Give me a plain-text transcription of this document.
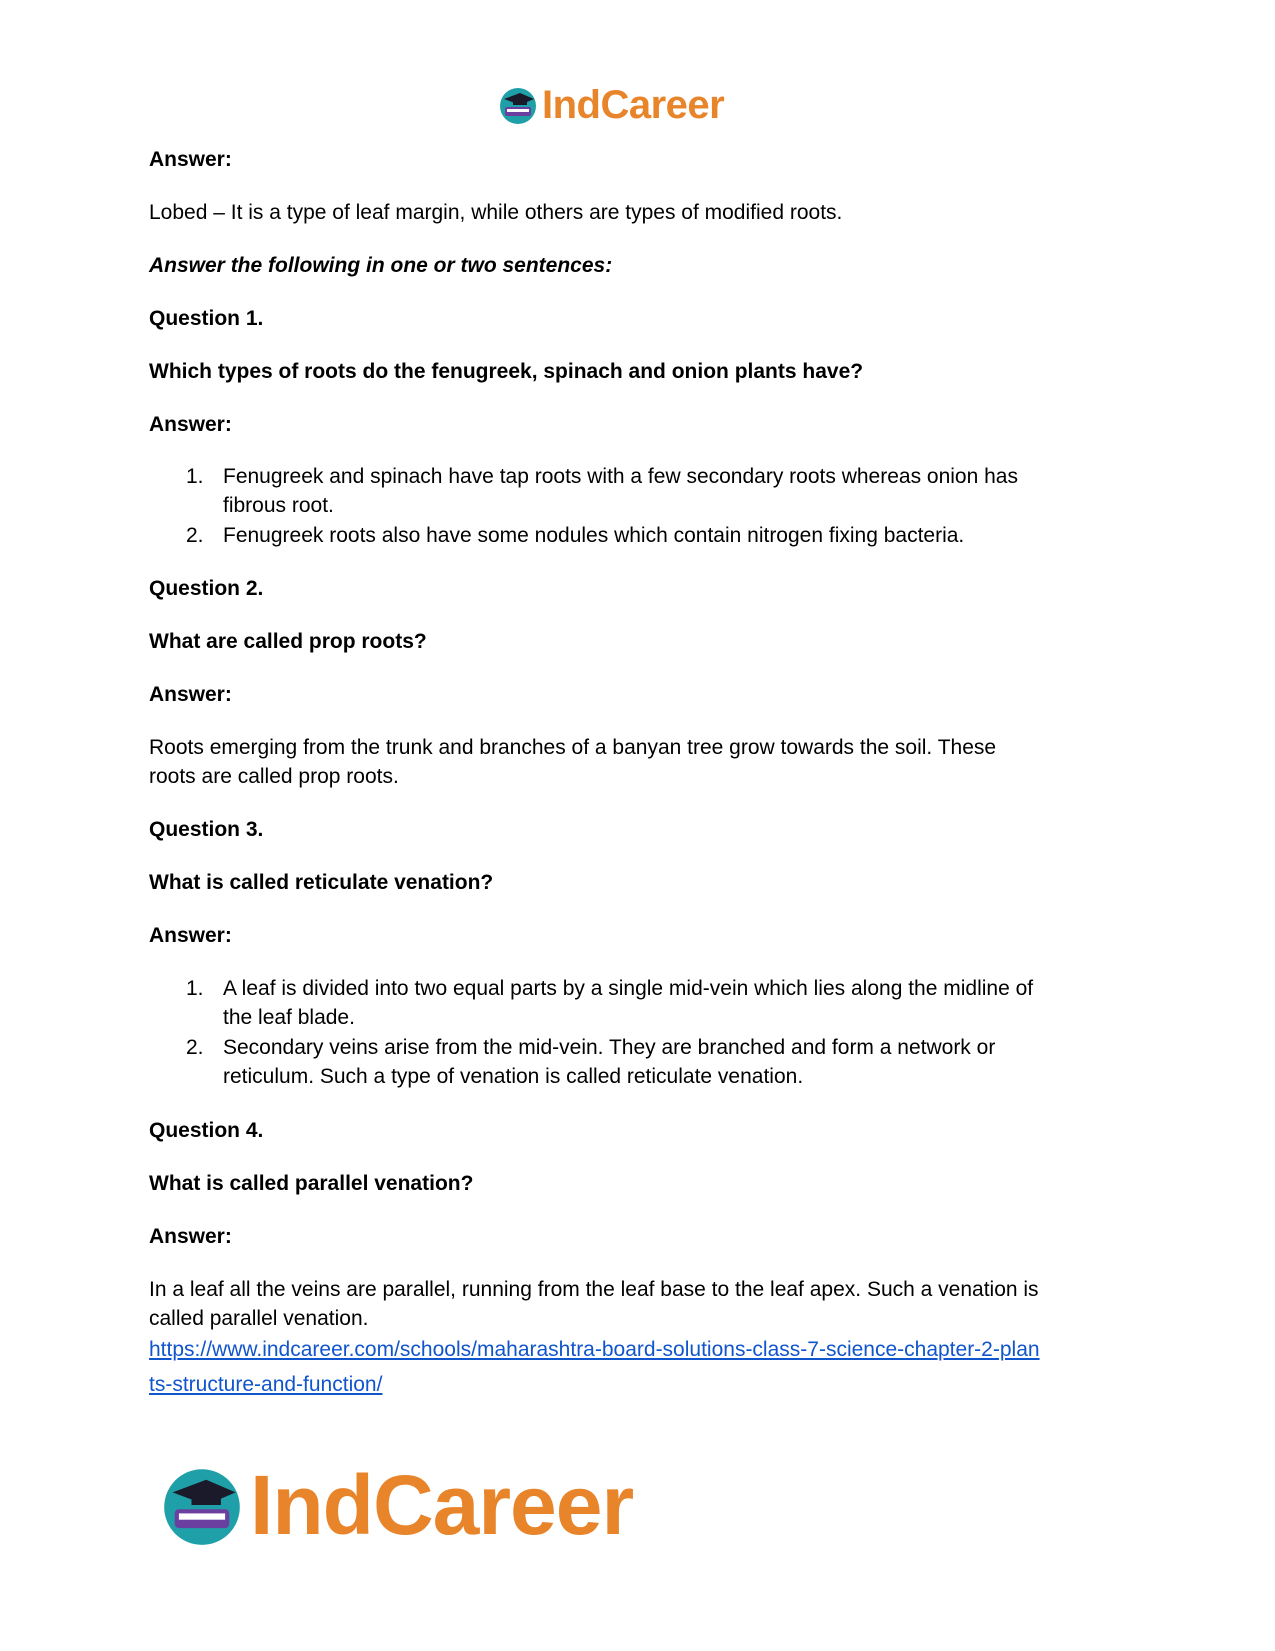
IndCareer
Answer:
Lobed – It is a type of leaf margin, while others are types of modified roots.
Answer the following in one or two sentences:
Question 1.
Which types of roots do the fenugreek, spinach and onion plants have?
Answer:
1. Fenugreek and spinach have tap roots with a few secondary roots whereas onion has
fibrous root.
2. Fenugreek roots also have some nodules which contain nitrogen fixing bacteria.
Question 2.
What are called prop roots?
Answer:
Roots emerging from the trunk and branches of a banyan tree grow towards the soil. These
roots are called prop roots.
Question 3.
What is called reticulate venation?
Answer:
1. A leaf is divided into two equal parts by a single mid-vein which lies along the midline of
the leaf blade.
2. Secondary veins arise from the mid-vein. They are branched and form a network or
reticulum. Such a type of venation is called reticulate venation.
Question 4.
What is called parallel venation?
Answer:
In a leaf all the veins are parallel, running from the leaf base to the leaf apex. Such a venation is
called parallel venation.
https://www.indcareer.com/schools/maharashtra-board-solutions-class-7-science-chapter-2-plan
ts-structure-and-function/
IndCareer
